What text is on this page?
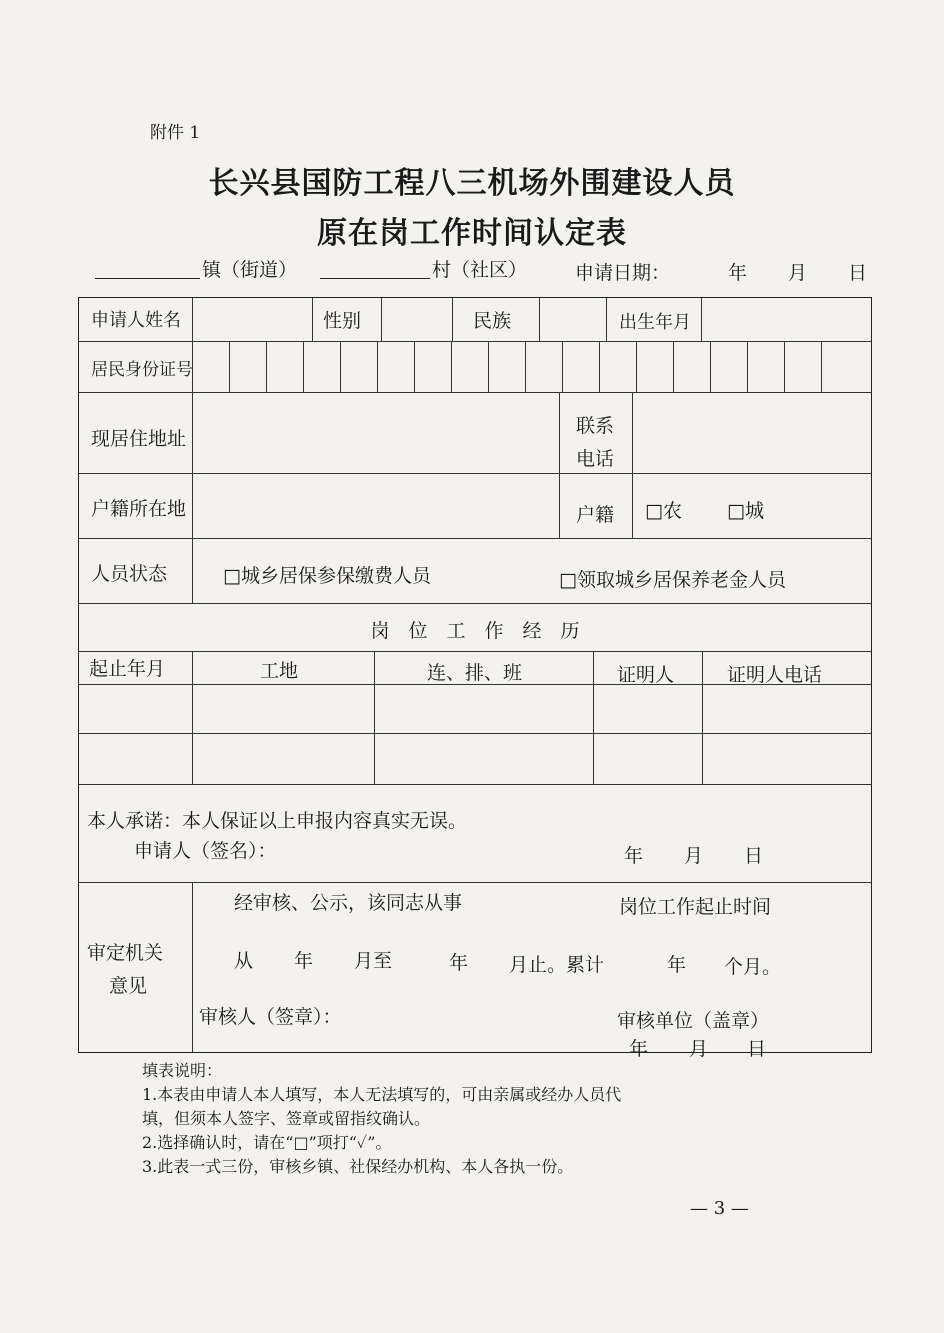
附件 1
长兴县国防工程八三机场外围建设人员
原在岗工作时间认定表
镇（街道）	村（社区）	申请日期：	年 月 日
申请人姓名	性别	民族	出生年月
居民身份证号
现居住地址
联系
电话
户籍所在地	户籍 □农 □城
人员状态	□城乡居保参保缴费人员	□领取城乡居保养老金人员
岗　位　工　作　经　历
起止年月	工地	连、排、班	证明人	证明人电话
本人承诺：本人保证以上申报内容真实无误。
申请人（签名）：	年 月 日
审定机关
意见
经审核、公示，该同志从事	岗位工作起止时间
从 年 月至	年 月止。累计	年 个月。
审核人（签章）：	审核单位（盖章）
年 月 日
填表说明：
1.本表由申请人本人填写，本人无法填写的，可由亲属或经办人员代
填，但须本人签字、签章或留指纹确认。
2.选择确认时，请在“□”项打“✓”。
3.此表一式三份，审核乡镇、社保经办机构、本人各执一份。
— 3 —
